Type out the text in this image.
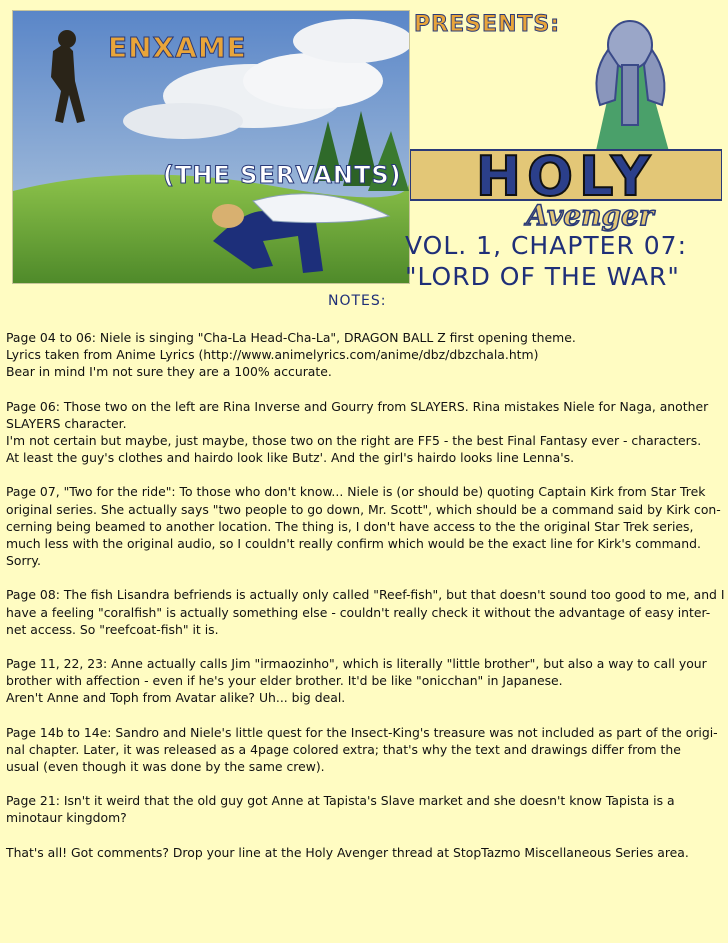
ENXAME
(THE SERVANTS)
PRESENTS:
HOLY
Avenger
VOL. 1, CHAPTER 07:
"LORD OF THE WAR"
NOTES:

Page 04 to 06: Niele is singing "Cha-La Head-Cha-La", DRAGON BALL Z first opening theme.
Lyrics taken from Anime Lyrics (http://www.animelyrics.com/anime/dbz/dbzchala.htm)
Bear in mind I'm not sure they are a 100% accurate.

Page 06: Those two on the left are Rina Inverse and Gourry from SLAYERS. Rina mistakes Niele for Naga, another
SLAYERS character.
I'm not certain but maybe, just maybe, those two on the right are FF5 - the best Final Fantasy ever - characters.
At least the guy's clothes and hairdo look like Butz'. And the girl's hairdo looks line Lenna's.

Page 07, "Two for the ride": To those who don't know... Niele is (or should be) quoting Captain Kirk from Star Trek
original series. She actually says "two people to go down, Mr. Scott", which should be a command said by Kirk con-
cerning being beamed to another location. The thing is, I don't have access to the the original Star Trek series,
much less with the original audio, so I couldn't really confirm which would be the exact line for Kirk's command.
Sorry.

Page 08: The fish Lisandra befriends is actually only called "Reef-fish", but that doesn't sound too good to me, and I
have a feeling "coralfish" is actually something else - couldn't really check it without the advantage of easy inter-
net access. So "reefcoat-fish" it is.

Page 11, 22, 23: Anne actually calls Jim "irmaozinho", which is literally "little brother", but also a way to call your
brother with affection - even if he's your elder brother. It'd be like "onicchan" in Japanese.
Aren't Anne and Toph from Avatar alike? Uh... big deal.

Page 14b to 14e: Sandro and Niele's little quest for the Insect-King's treasure was not included as part of the origi-
nal chapter. Later, it was released as a 4page colored extra; that's why the text and drawings differ from the
usual (even though it was done by the same crew).

Page 21: Isn't it weird that the old guy got Anne at Tapista's Slave market and she doesn't know Tapista is a
minotaur kingdom?

That's all! Got comments? Drop your line at the Holy Avenger thread at StopTazmo Miscellaneous Series area.
